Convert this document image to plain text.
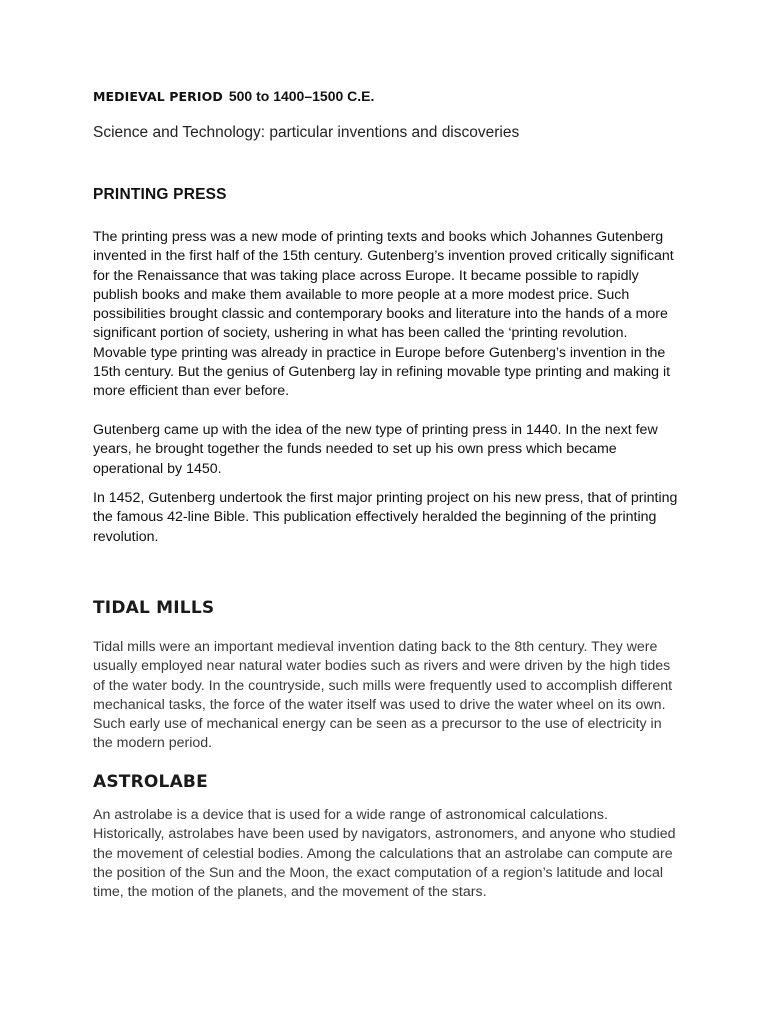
MEDIEVAL PERIOD 500 to 1400–1500 C.E.
Science and Technology: particular inventions and discoveries
PRINTING PRESS

The printing press was a new mode of printing texts and books which Johannes Gutenberg invented in the first half of the 15th century. Gutenberg’s invention proved critically significant for the Renaissance that was taking place across Europe. It became possible to rapidly publish books and make them available to more people at a more modest price. Such possibilities brought classic and contemporary books and literature into the hands of a more significant portion of society, ushering in what has been called the ‘printing revolution. Movable type printing was already in practice in Europe before Gutenberg’s invention in the 15th century. But the genius of Gutenberg lay in refining movable type printing and making it more efficient than ever before.

Gutenberg came up with the idea of the new type of printing press in 1440. In the next few years, he brought together the funds needed to set up his own press which became operational by 1450.

In 1452, Gutenberg undertook the first major printing project on his new press, that of printing the famous 42-line Bible. This publication effectively heralded the beginning of the printing revolution.

TIDAL MILLS

Tidal mills were an important medieval invention dating back to the 8th century. They were usually employed near natural water bodies such as rivers and were driven by the high tides of the water body. In the countryside, such mills were frequently used to accomplish different mechanical tasks, the force of the water itself was used to drive the water wheel on its own. Such early use of mechanical energy can be seen as a precursor to the use of electricity in the modern period.

ASTROLABE

An astrolabe is a device that is used for a wide range of astronomical calculations. Historically, astrolabes have been used by navigators, astronomers, and anyone who studied the movement of celestial bodies. Among the calculations that an astrolabe can compute are the position of the Sun and the Moon, the exact computation of a region’s latitude and local time, the motion of the planets, and the movement of the stars.
